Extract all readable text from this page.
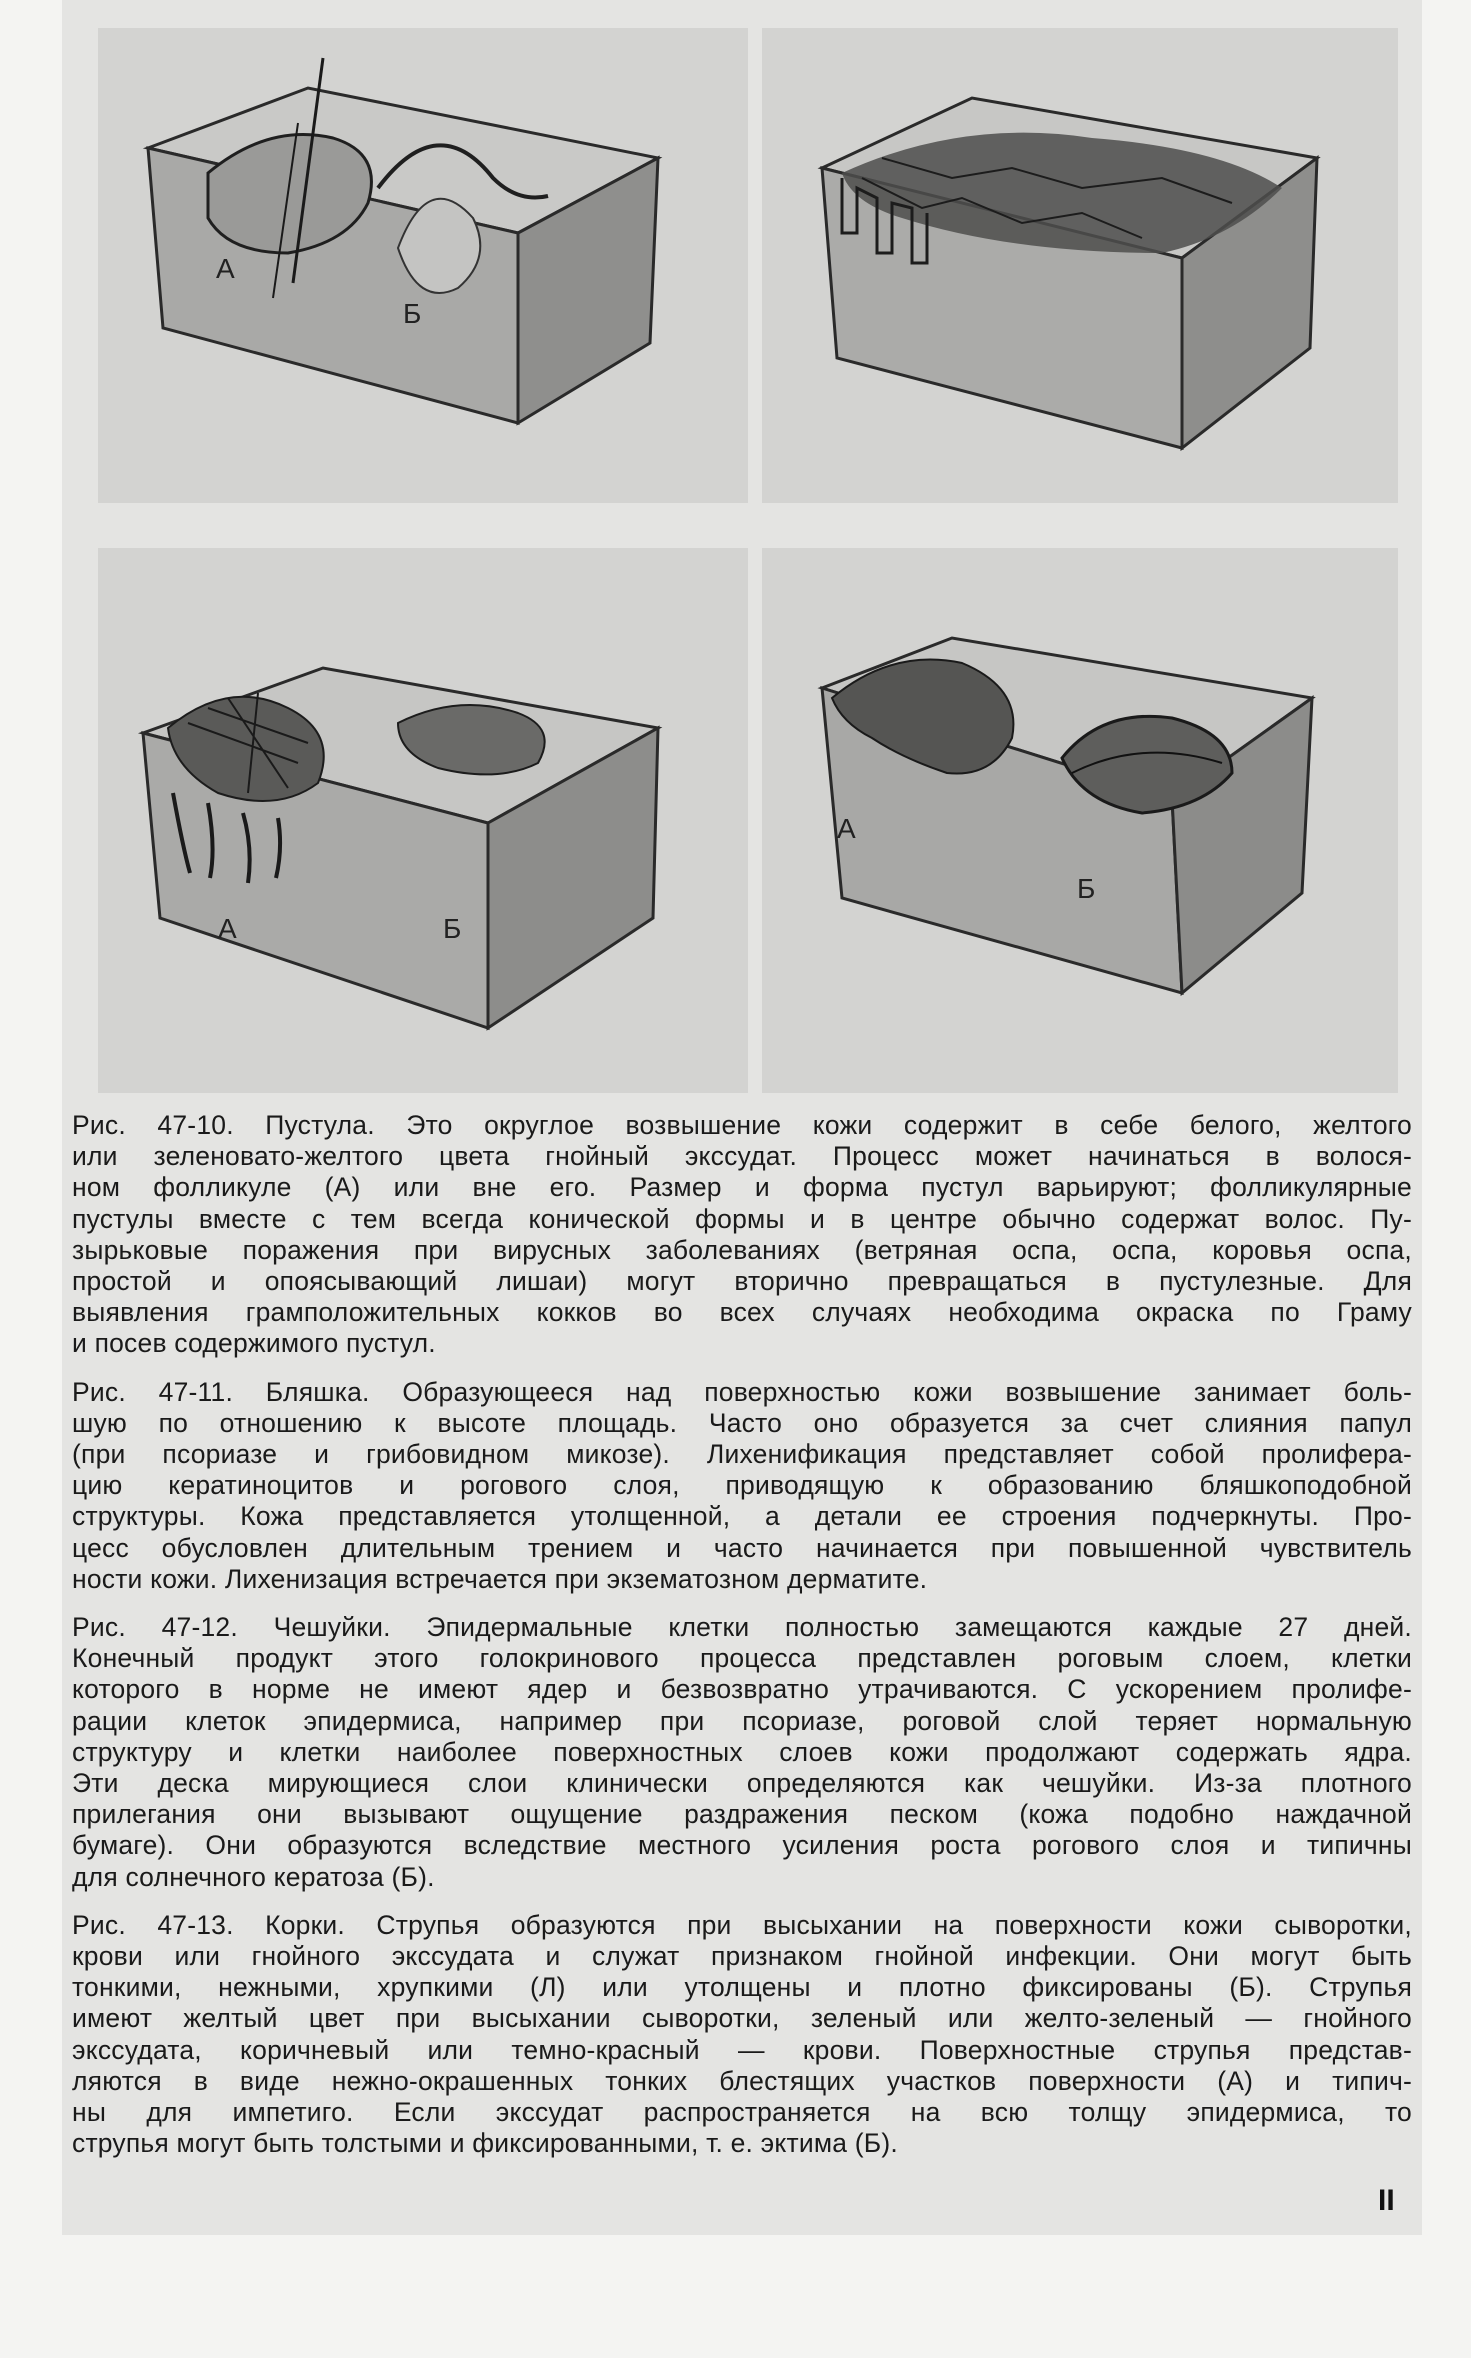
А
Б
А	Б
А
Б
Рис. 47-10. Пустула. Это округлое возвышение кожи содержит в себе белого, желтого
или зеленовато-желтого цвета гнойный экссудат. Процесс может начинаться в волося-
ном фолликуле (А) или вне его. Размер и форма пустул варьируют; фолликулярные
пустулы вместе с тем всегда конической формы и в центре обычно содержат волос. Пу-
зырьковые поражения при вирусных заболеваниях (ветряная оспа, оспа, коровья оспа,
простой и опоясывающий лишаи) могут вторично превращаться в пустулезные. Для
выявления грамположительных кокков во всех случаях необходима окраска по Граму
и посев содержимого пустул.
Рис. 47-11. Бляшка. Образующееся над поверхностью кожи возвышение занимает боль-
шую по отношению к высоте площадь. Часто оно образуется за счет слияния папул
(при псориазе и грибовидном микозе). Лихенификация представляет собой пролифера-
цию кератиноцитов и рогового слоя, приводящую к образованию бляшкоподобной
структуры. Кожа представляется утолщенной, а детали ее строения подчеркнуты. Про-
цесс обусловлен длительным трением и часто начинается при повышенной чувствитель
ности кожи. Лихенизация встречается при экзематозном дерматите.
Рис. 47-12. Чешуйки. Эпидермальные клетки полностью замещаются каждые 27 дней.
Конечный продукт этого голокринового процесса представлен роговым слоем, клетки
которого в норме не имеют ядер и безвозвратно утрачиваются. С ускорением пролифе-
рации клеток эпидермиса, например при псориазе, роговой слой теряет нормальную
структуру и клетки наиболее поверхностных слоев кожи продолжают содержать ядра.
Эти деска мирующиеся слои клинически определяются как чешуйки. Из-за плотного
прилегания они вызывают ощущение раздражения песком (кожа подобно наждачной
бумаге). Они образуются вследствие местного усиления роста рогового слоя и типичны
для солнечного кератоза (Б).
Рис. 47-13. Корки. Струпья образуются при высыхании на поверхности кожи сыворотки,
крови или гнойного экссудата и служат признаком гнойной инфекции. Они могут быть
тонкими, нежными, хрупкими (Л) или утолщены и плотно фиксированы (Б). Струпья
имеют желтый цвет при высыхании сыворотки, зеленый или желто-зеленый — гнойного
экссудата, коричневый или темно-красный — крови. Поверхностные струпья представ-
ляются в виде нежно-окрашенных тонких блестящих участков поверхности (А) и типич-
ны для импетиго. Если экссудат распространяется на всю толщу эпидермиса, то
струпья могут быть толстыми и фиксированными, т. е. эктима (Б).
II
